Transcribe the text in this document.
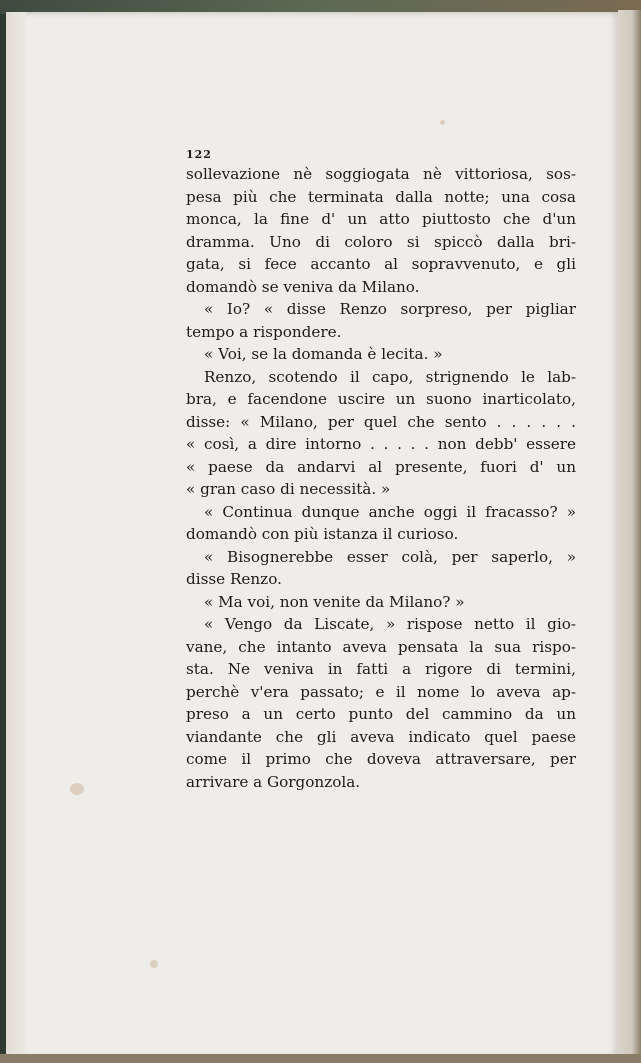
122
sollevazione nè soggiogata nè vittoriosa, sos-
pesa più che terminata dalla notte; una cosa
monca, la fine d' un atto piuttosto che d'un
dramma. Uno di coloro si spiccò dalla bri-
gata, si fece accanto al sopravvenuto, e gli
domandò se veniva da Milano.
« Io? « disse Renzo sorpreso, per pigliar
tempo a rispondere.
« Voi, se la domanda è lecita. »
Renzo, scotendo il capo, strignendo le lab-
bra, e facendone uscire un suono inarticolato,
disse: « Milano, per quel che sento . . . . . .
« così, a dire intorno . . . . . non debb' essere
« paese da andarvi al presente, fuori d' un
« gran caso di necessità. »
« Continua dunque anche oggi il fracasso? »
domandò con più istanza il curioso.
« Bisognerebbe esser colà, per saperlo, »
disse Renzo.
« Ma voi, non venite da Milano? »
« Vengo da Liscate, » rispose netto il gio-
vane, che intanto aveva pensata la sua rispo-
sta. Ne veniva in fatti a rigore di termini,
perchè v'era passato; e il nome lo aveva ap-
preso a un certo punto del cammino da un
viandante che gli aveva indicato quel paese
come il primo che doveva attraversare, per
arrivare a Gorgonzola.
